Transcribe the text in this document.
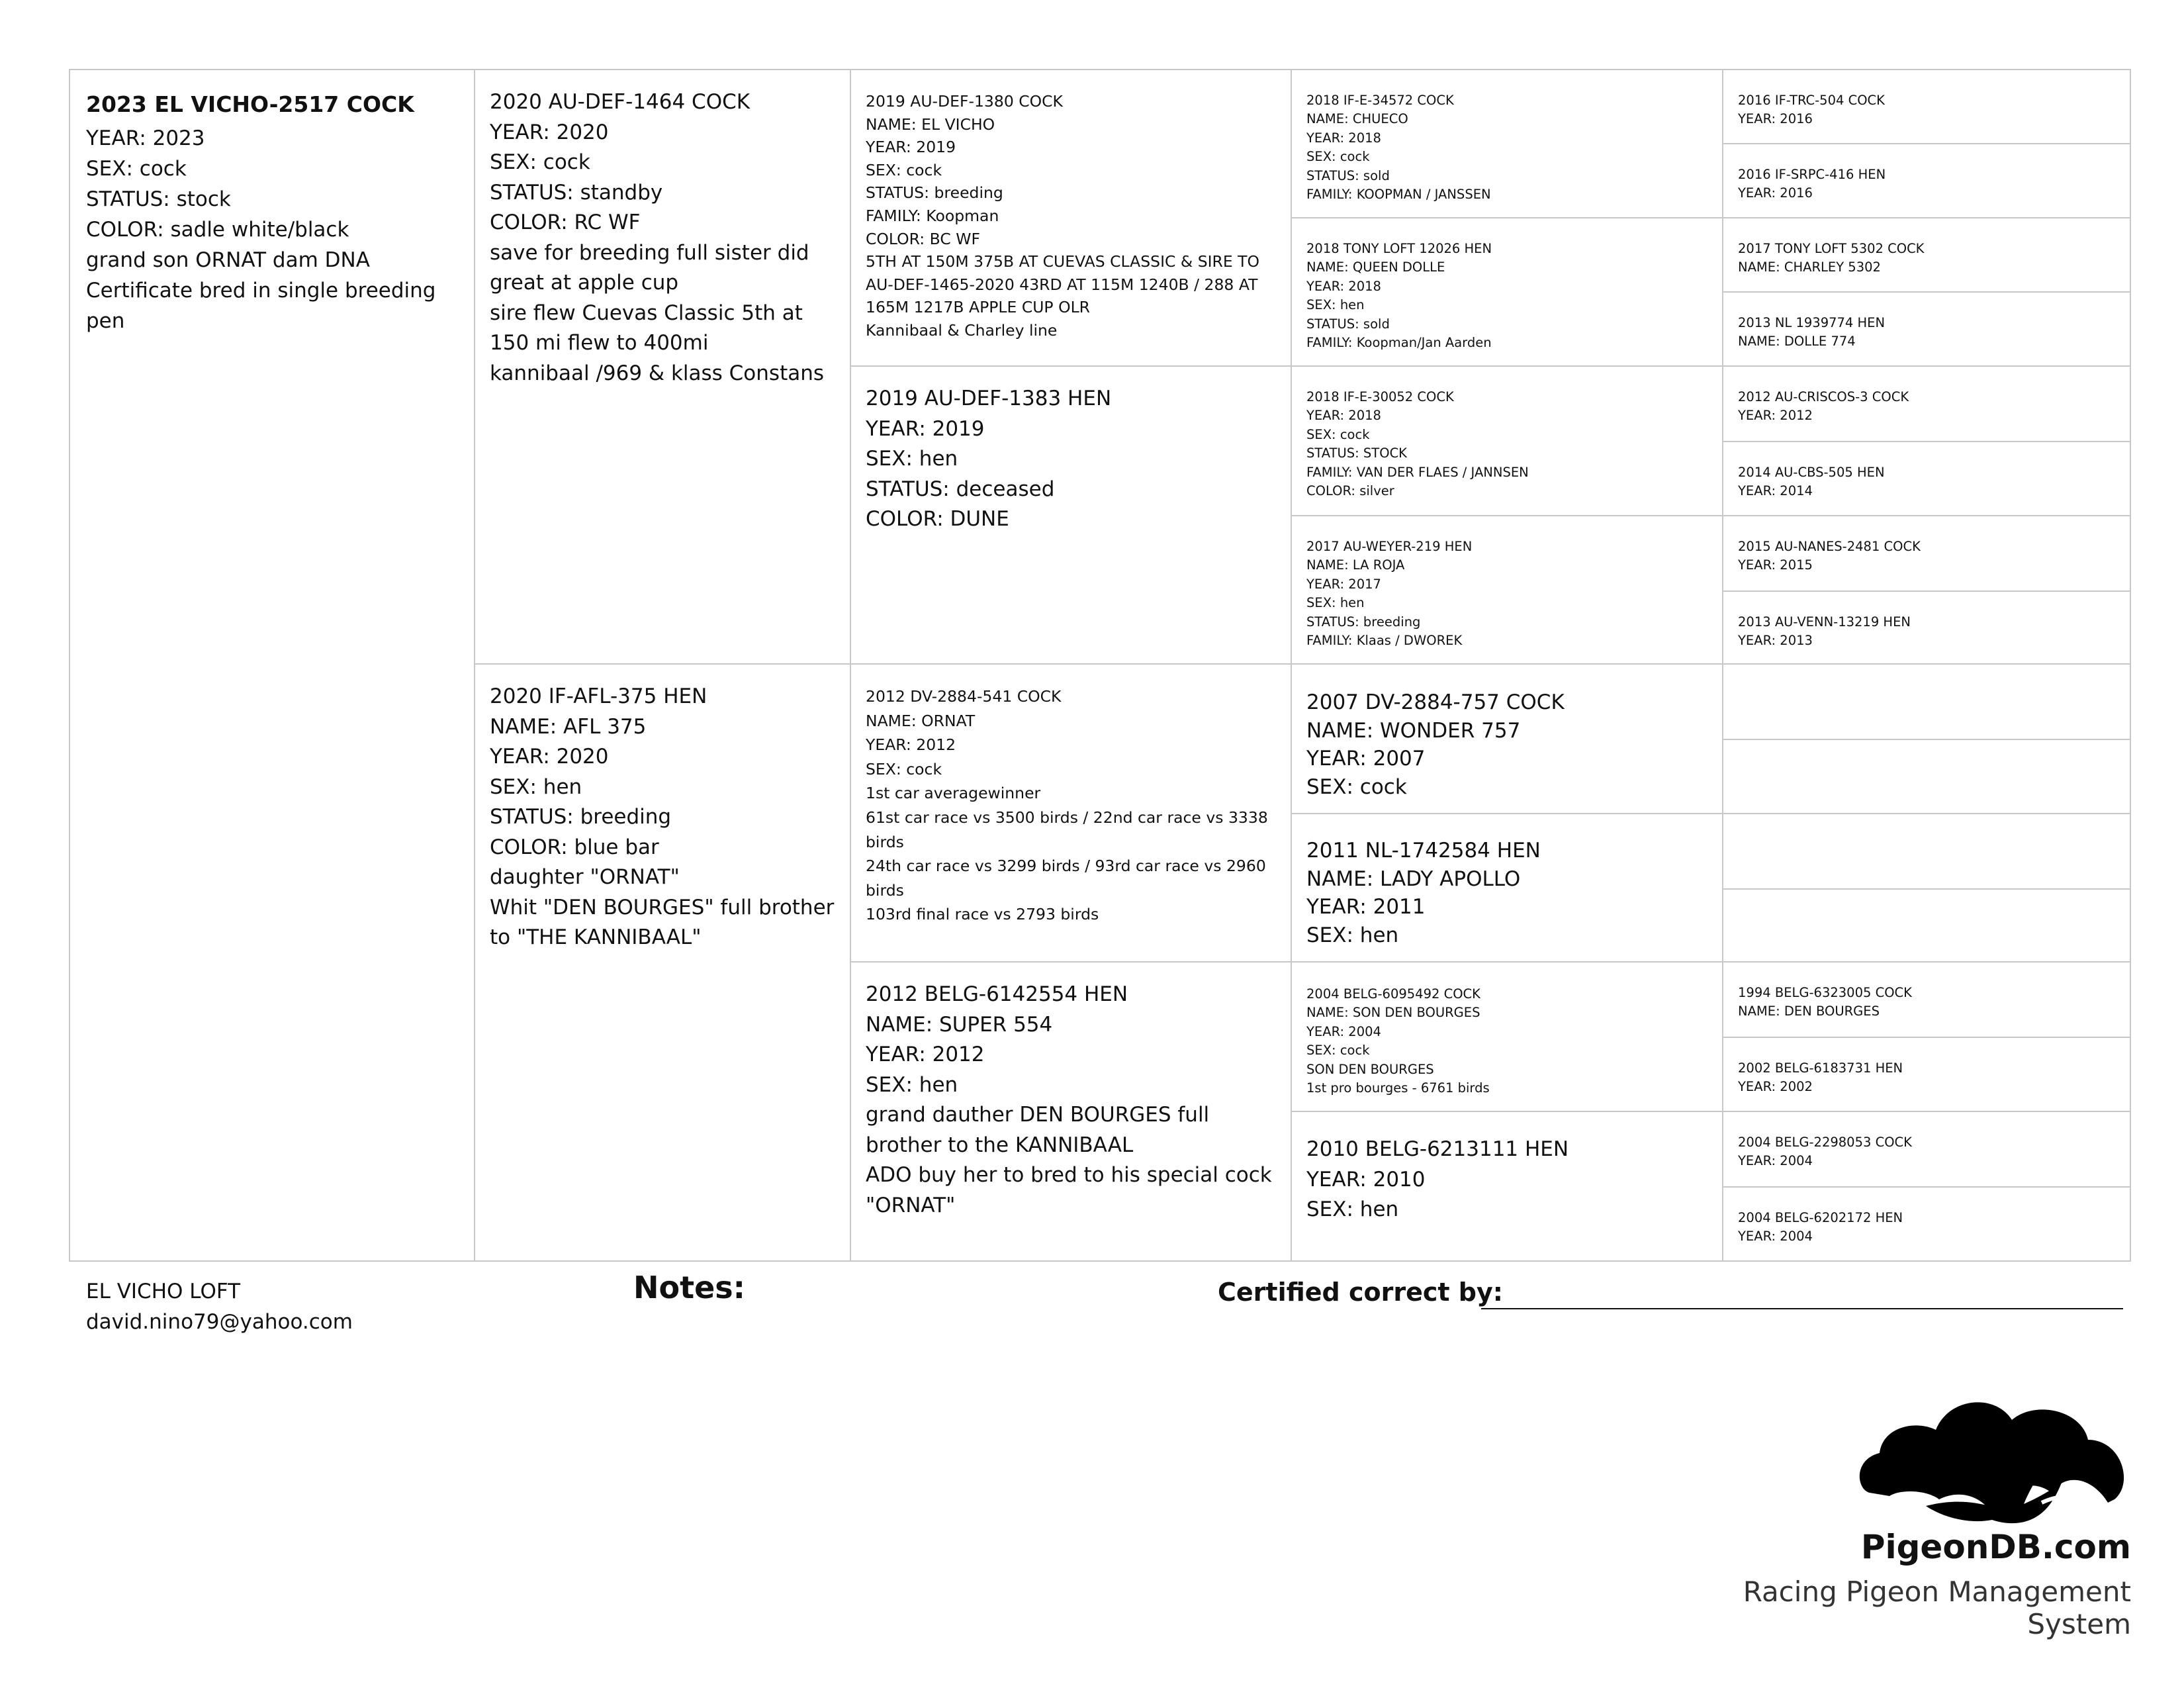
2023 EL VICHO-2517 COCK
YEAR: 2023
SEX: cock
STATUS: stock
COLOR: sadle white/black
grand son ORNAT dam DNA Certificate bred in single breeding pen
2020 AU-DEF-1464 COCK
YEAR: 2020
SEX: cock
STATUS: standby
COLOR: RC WF
save for breeding full sister did great at apple cup
sire flew Cuevas Classic 5th at 150 mi flew to 400mi
kannibaal /969 & klass Constans
2020 IF-AFL-375 HEN
NAME: AFL 375
YEAR: 2020
SEX: hen
STATUS: breeding
COLOR: blue bar
daughter "ORNAT"
Whit "DEN BOURGES" full brother to "THE KANNIBAAL"
2019 AU-DEF-1380 COCK
NAME: EL VICHO
YEAR: 2019
SEX: cock
STATUS: breeding
FAMILY: Koopman
COLOR: BC WF
5TH AT 150M 375B AT CUEVAS CLASSIC & SIRE TO AU-DEF-1465-2020 43RD AT 115M 1240B / 288 AT 165M 1217B APPLE CUP OLR
Kannibaal & Charley line
2019 AU-DEF-1383 HEN
YEAR: 2019
SEX: hen
STATUS: deceased
COLOR: DUNE
2012 DV-2884-541 COCK
NAME: ORNAT
YEAR: 2012
SEX: cock
1st car averagewinner
61st car race vs 3500 birds / 22nd car race vs 3338 birds
24th car race vs 3299 birds / 93rd car race vs 2960 birds
103rd final race vs 2793 birds
2012 BELG-6142554 HEN
NAME: SUPER 554
YEAR: 2012
SEX: hen
grand dauther DEN BOURGES full brother to the KANNIBAAL
ADO buy her to bred to his special cock "ORNAT"
2018 IF-E-34572 COCK
NAME: CHUECO
YEAR: 2018
SEX: cock
STATUS: sold
FAMILY: KOOPMAN / JANSSEN
2018 TONY LOFT 12026 HEN
NAME: QUEEN DOLLE
YEAR: 2018
SEX: hen
STATUS: sold
FAMILY: Koopman/Jan Aarden
2018 IF-E-30052 COCK
YEAR: 2018
SEX: cock
STATUS: STOCK
FAMILY: VAN DER FLAES / JANNSEN
COLOR: silver
2017 AU-WEYER-219 HEN
NAME: LA ROJA
YEAR: 2017
SEX: hen
STATUS: breeding
FAMILY: Klaas / DWOREK
2007 DV-2884-757 COCK
NAME: WONDER 757
YEAR: 2007
SEX: cock
2011 NL-1742584 HEN
NAME: LADY APOLLO
YEAR: 2011
SEX: hen
2004 BELG-6095492 COCK
NAME: SON DEN BOURGES
YEAR: 2004
SEX: cock
SON DEN BOURGES
1st pro bourges - 6761 birds
2010 BELG-6213111 HEN
YEAR: 2010
SEX: hen
2016 IF-TRC-504 COCK
YEAR: 2016
2016 IF-SRPC-416 HEN
YEAR: 2016
2017 TONY LOFT 5302 COCK
NAME: CHARLEY 5302
2013 NL 1939774 HEN
NAME: DOLLE 774
2012 AU-CRISCOS-3 COCK
YEAR: 2012
2014 AU-CBS-505 HEN
YEAR: 2014
2015 AU-NANES-2481 COCK
YEAR: 2015
2013 AU-VENN-13219 HEN
YEAR: 2013
1994 BELG-6323005 COCK
NAME: DEN BOURGES
2002 BELG-6183731 HEN
YEAR: 2002
2004 BELG-2298053 COCK
YEAR: 2004
2004 BELG-6202172 HEN
YEAR: 2004
EL VICHO LOFT
david.nino79@yahoo.com
Notes:	Certified correct by:
PigeonDB.com
Racing Pigeon Management System
